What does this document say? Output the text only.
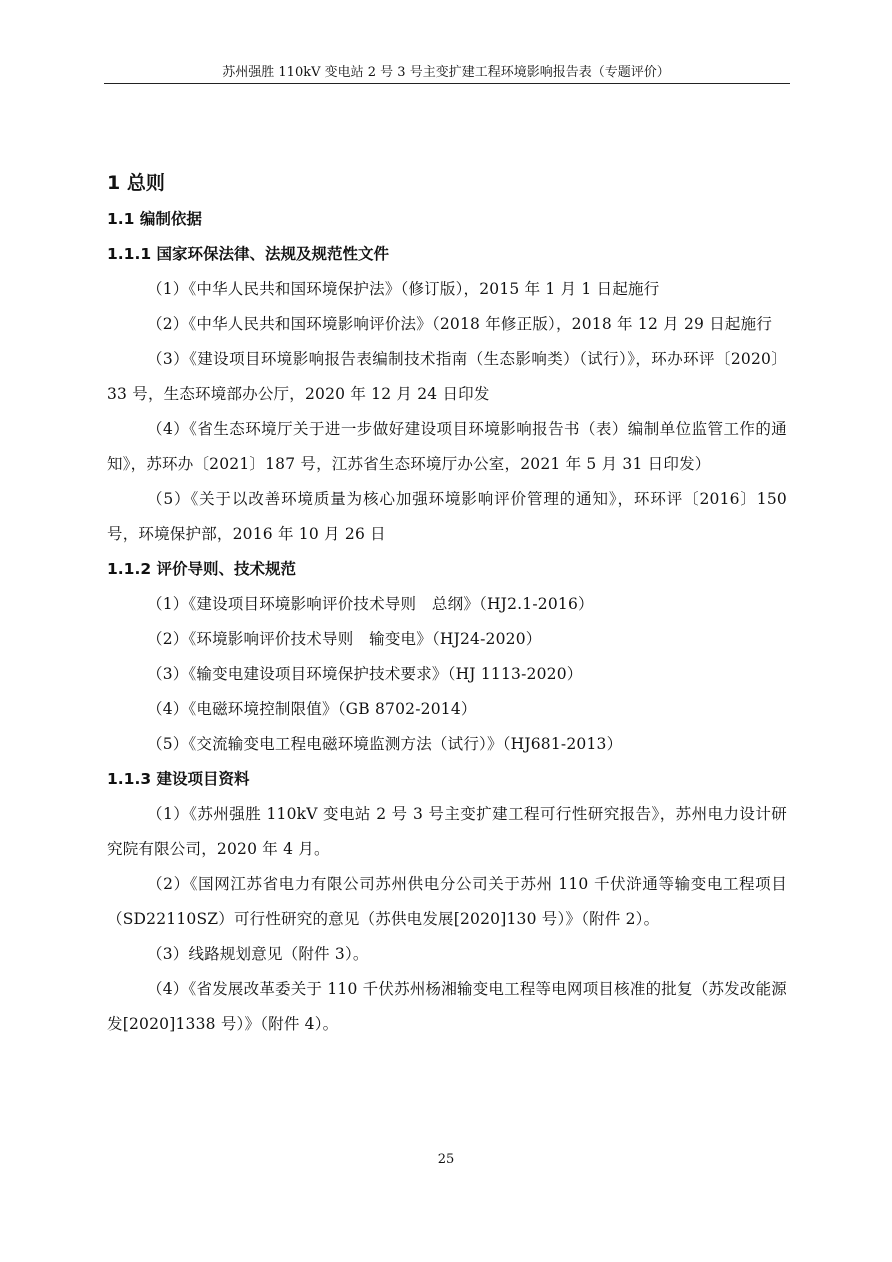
苏州强胜 110kV 变电站 2 号 3 号主变扩建工程环境影响报告表（专题评价）
1 总则
1.1 编制依据
1.1.1 国家环保法律、法规及规范性文件

（1）《中华人民共和国环境保护法》（修订版），2015 年 1 月 1 日起施行

（2）《中华人民共和国环境影响评价法》（2018 年修正版），2018 年 12 月 29 日起施行

（3）《建设项目环境影响报告表编制技术指南（生态影响类）（试行）》，环办环评〔2020〕33 号，生态环境部办公厅，2020 年 12 月 24 日印发

（4）《省生态环境厅关于进一步做好建设项目环境影响报告书（表）编制单位监管工作的通知》，苏环办〔2021〕187 号，江苏省生态环境厅办公室，2021 年 5 月 31 日印发）

（5）《关于以改善环境质量为核心加强环境影响评价管理的通知》，环环评〔2016〕150 号，环境保护部，2016 年 10 月 26 日

1.1.2 评价导则、技术规范

（1）《建设项目环境影响评价技术导则　总纲》（HJ2.1-2016）

（2）《环境影响评价技术导则　输变电》（HJ24-2020）

（3）《输变电建设项目环境保护技术要求》（HJ 1113-2020）

（4）《电磁环境控制限值》（GB 8702-2014）

（5）《交流输变电工程电磁环境监测方法（试行）》（HJ681-2013）

1.1.3 建设项目资料

（1）《苏州强胜 110kV 变电站 2 号 3 号主变扩建工程可行性研究报告》，苏州电力设计研究院有限公司，2020 年 4 月。

（2）《国网江苏省电力有限公司苏州供电分公司关于苏州 110 千伏浒通等输变电工程项目（SD22110SZ）可行性研究的意见（苏供电发展[2020]130 号）》（附件 2）。

（3）线路规划意见（附件 3）。

（4）《省发展改革委关于 110 千伏苏州杨湘输变电工程等电网项目核准的批复（苏发改能源发[2020]1338 号）》（附件 4）。

25
